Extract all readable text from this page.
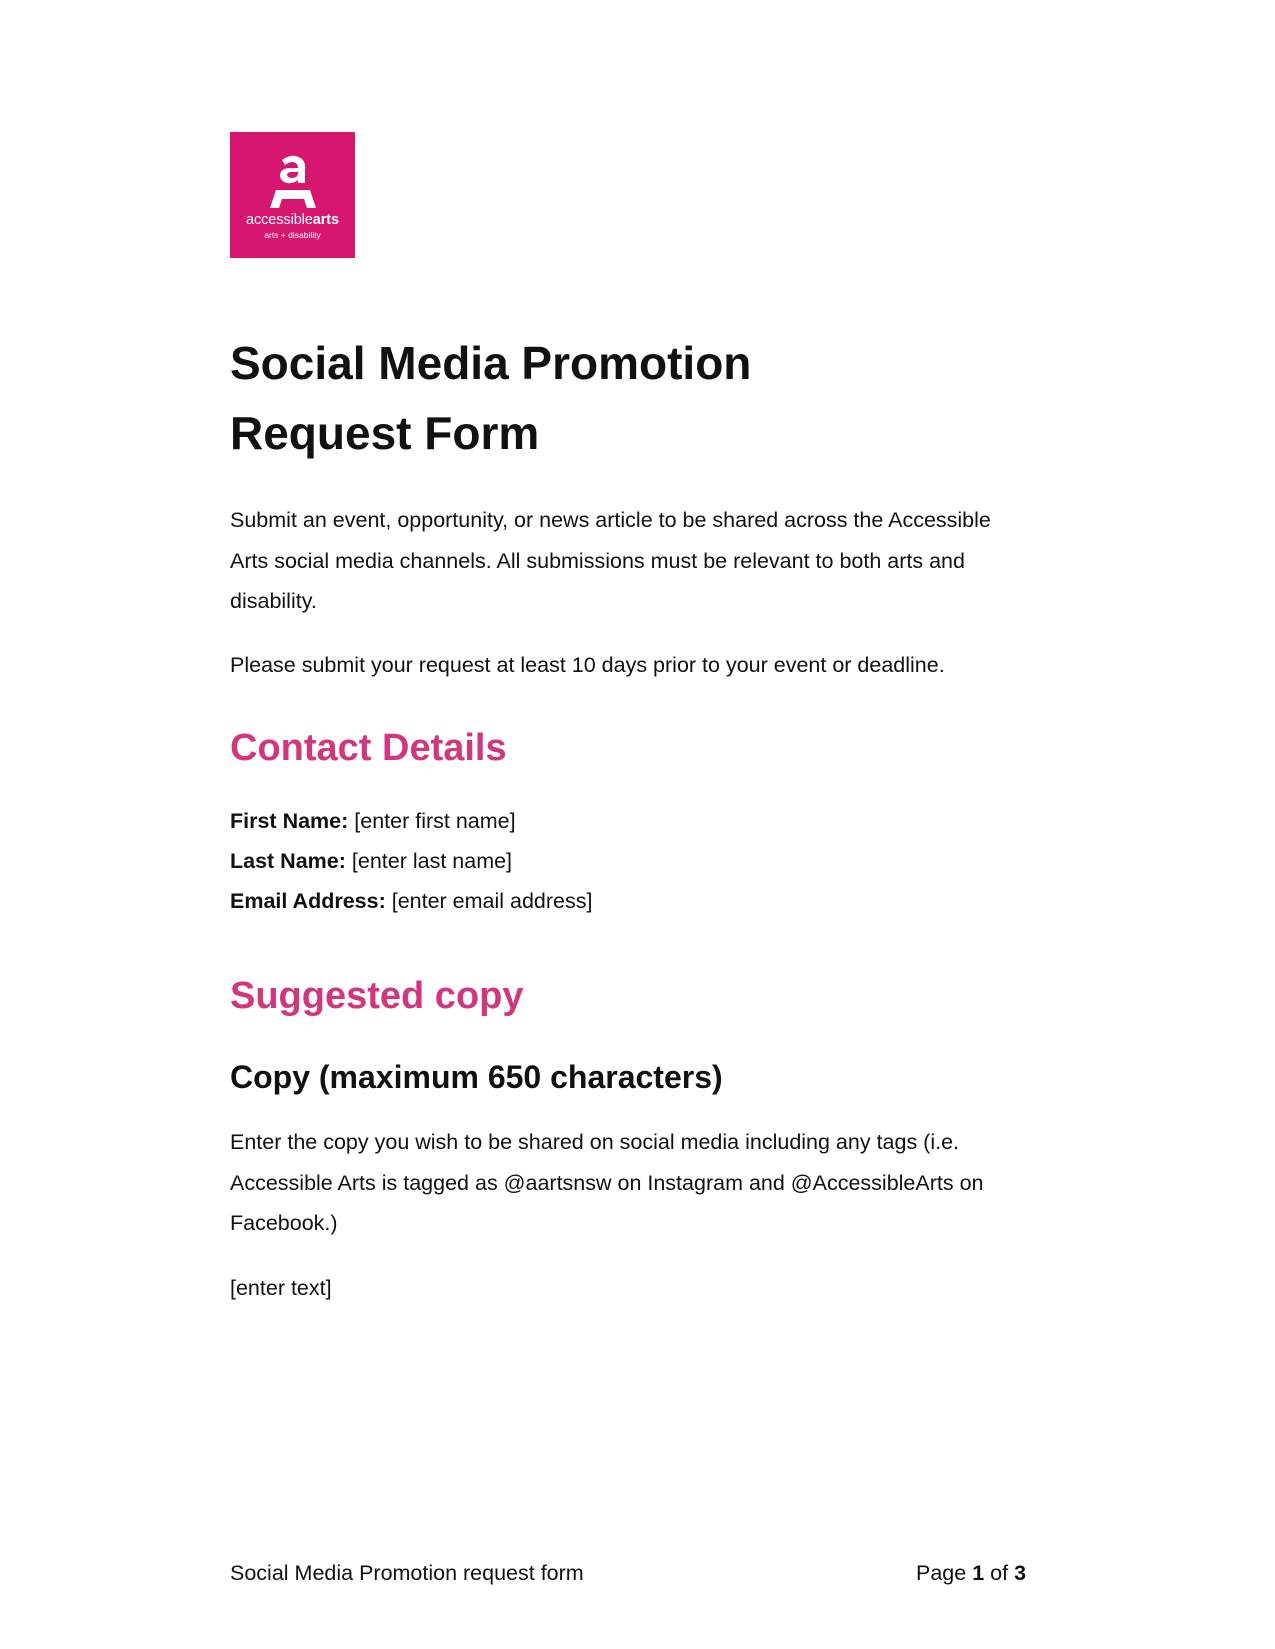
accessiblearts
arts + disability
Social Media Promotion
Request Form

Submit an event, opportunity, or news article to be shared across the Accessible Arts social media channels. All submissions must be relevant to both arts and disability.

Please submit your request at least 10 days prior to your event or deadline.

Contact Details
First Name: [enter first name]
Last Name: [enter last name]
Email Address: [enter email address]
Suggested copy
Copy (maximum 650 characters)

Enter the copy you wish to be shared on social media including any tags (i.e. Accessible Arts is tagged as @aartsnsw on Instagram and @AccessibleArts on Facebook.)

[enter text]

Social Media Promotion request form	Page 1 of 3
